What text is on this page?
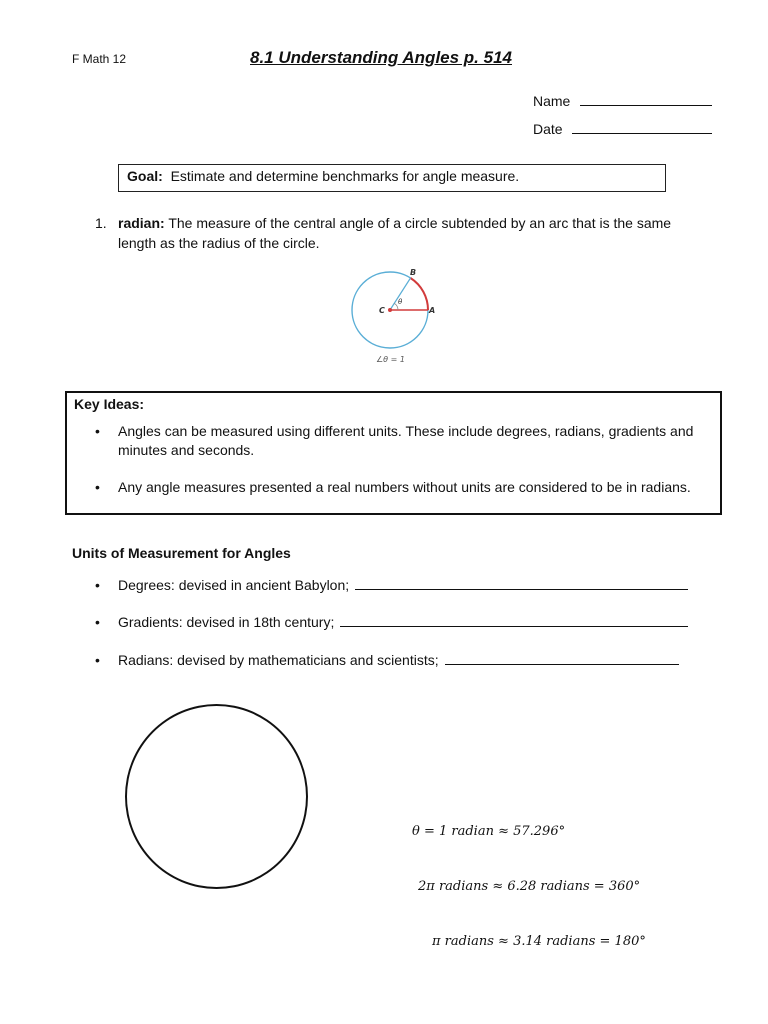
F Math 12	8.1 Understanding Angles p. 514
Name
Date
Goal: Estimate and determine benchmarks for angle measure.
1. radian: The measure of the central angle of a circle subtended by an arc that is the same length as the radius of the circle.
B
C	A
θ
∠θ = 1
Key Ideas:
• Angles can be measured using different units. These include degrees, radians, gradients and minutes and seconds.
• Any angle measures presented a real numbers without units are considered to be in radians.
Units of Measurement for Angles
• Degrees: devised in ancient Babylon;
• Gradients: devised in 18th century;
• Radians: devised by mathematicians and scientists;
θ = 1 radian ≈ 57.296°
2π radians ≈ 6.28 radians = 360°
π radians ≈ 3.14 radians = 180°
